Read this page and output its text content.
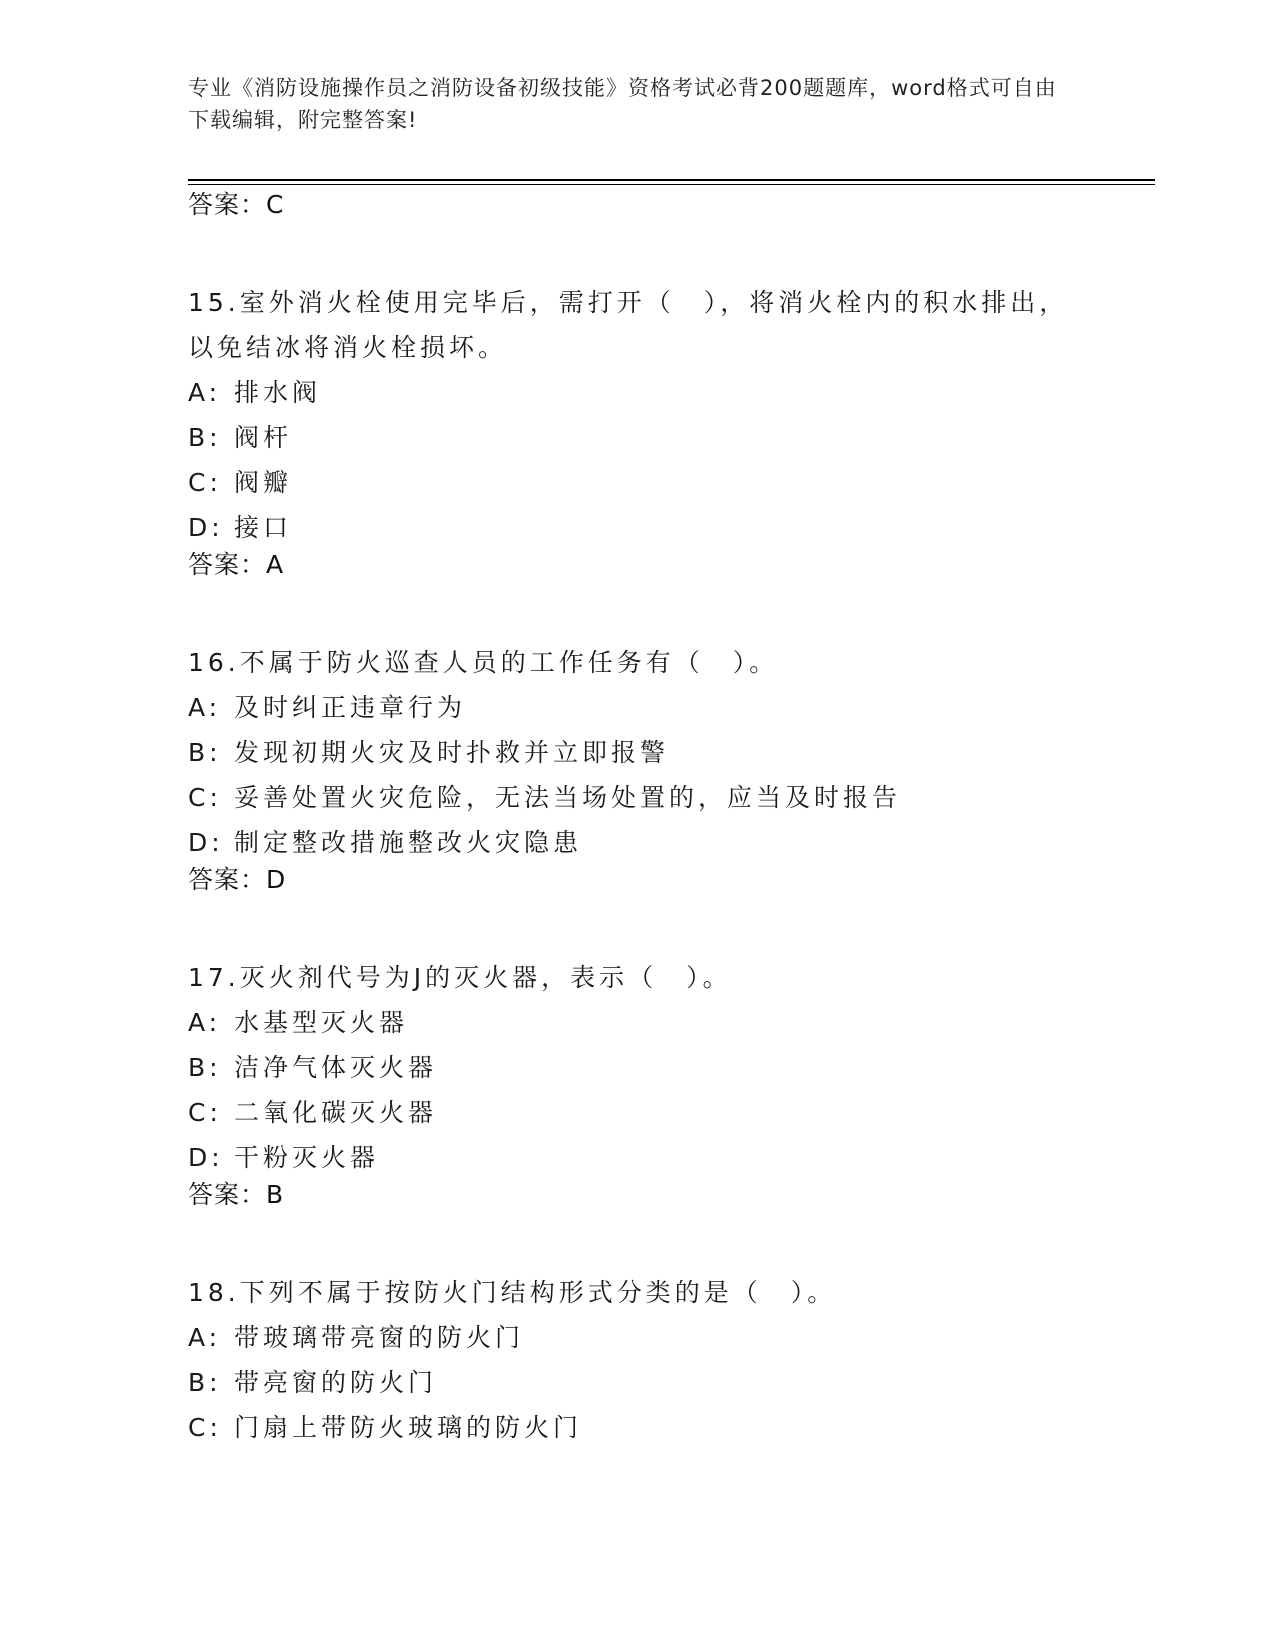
专业《消防设施操作员之消防设备初级技能》资格考试必背200题题库，word格式可自由下载编辑，附完整答案!
答案：C
15.室外消火栓使用完毕后，需打开（　），将消火栓内的积水排出，以免结冰将消火栓损坏。
A: 排水阀
B: 阀杆
C: 阀瓣
D: 接口
答案：A
16.不属于防火巡查人员的工作任务有（　）。
A: 及时纠正违章行为
B: 发现初期火灾及时扑救并立即报警
C: 妥善处置火灾危险，无法当场处置的，应当及时报告
D: 制定整改措施整改火灾隐患
答案：D
17.灭火剂代号为J的灭火器，表示（　）。
A: 水基型灭火器
B: 洁净气体灭火器
C: 二氧化碳灭火器
D: 干粉灭火器
答案：B
18.下列不属于按防火门结构形式分类的是（　）。
A: 带玻璃带亮窗的防火门
B: 带亮窗的防火门
C: 门扇上带防火玻璃的防火门
